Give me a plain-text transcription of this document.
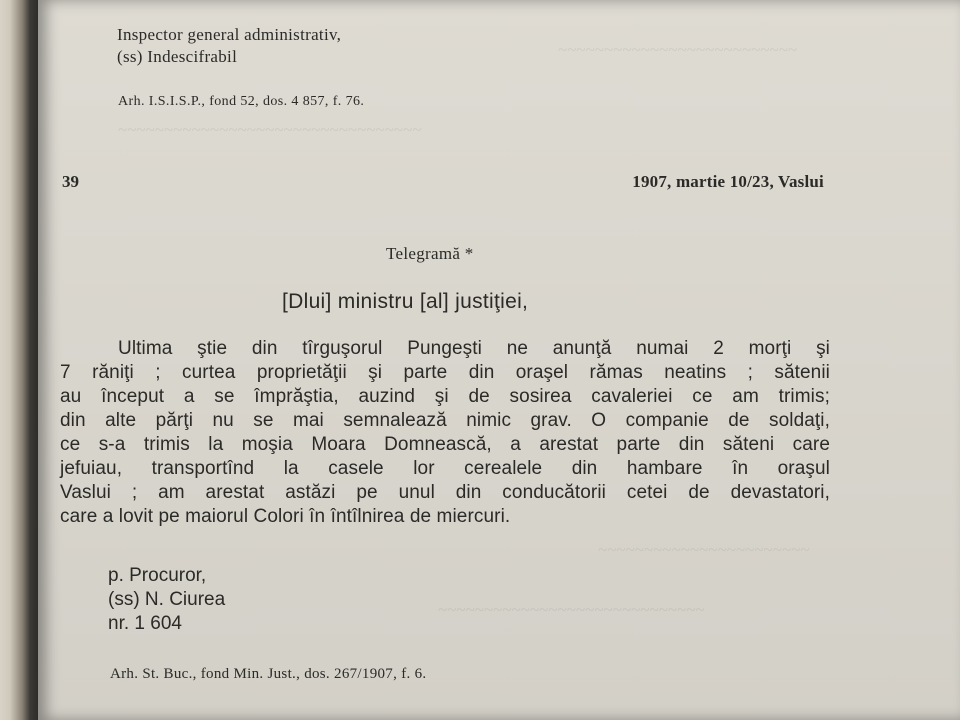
~~~~~~~~~~~~~~~~~~~~~~~~~~
~~~~~~~~~~~~~~~~~~~~~~~~~~~~~~~~~
~~~~~~~~~~~~~~~~~~~~~~~
~~~~~~~~~~~~~~~~~~~~~~~~~~~~~
Inspector general administrativ,
(ss) Indescifrabil
Arh. I.S.I.S.P., fond 52, dos. 4 857, f. 76.
39	1907, martie 10/23, Vaslui
Telegramă *
[Dlui] ministru [al] justiţiei,
Ultima ştie din tîrguşorul Pungeşti ne anunţă numai 2 morţi şi
7 răniţi ; curtea proprietăţii şi parte din oraşel rămas neatins ; sătenii
au început a se împrăştia, auzind şi de sosirea cavaleriei ce am trimis;
din alte părţi nu se mai semnalează nimic grav. O companie de soldaţi,
ce s-a trimis la moşia Moara Domnească, a arestat parte din săteni care
jefuiau, transportînd la casele lor cerealele din hambare în oraşul
Vaslui ; am arestat astăzi pe unul din conducătorii cetei de devastatori,
care a lovit pe maiorul Colori în întîlnirea de miercuri.
p. Procuror,
(ss) N. Ciurea
nr. 1 604
Arh. St. Buc., fond Min. Just., dos. 267/1907, f. 6.
